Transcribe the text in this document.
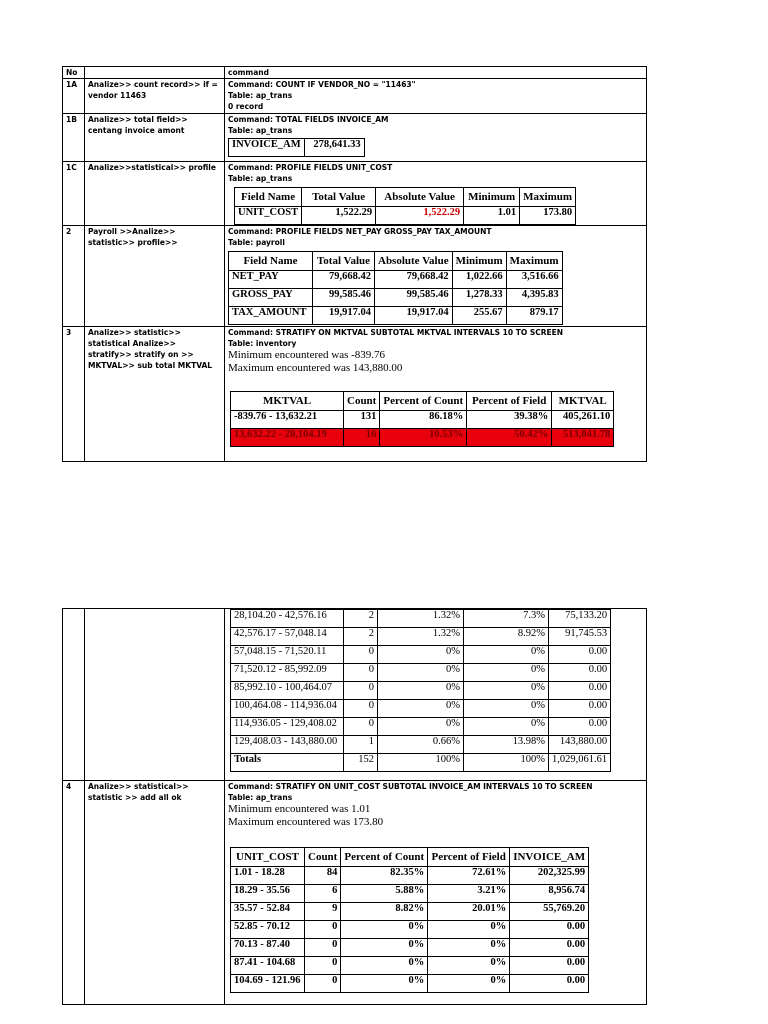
No		command
1A	Analize>> count record>> if = vendor 11463	
Command: COUNT IF VENDOR_NO = "11463"
Table: ap_trans
0 record

1B	Analize>> total field>> centang invoice amont	
Command: TOTAL FIELDS INVOICE_AM
Table: ap_trans
INVOICE_AM	278,641.33

1C	Analize>>statistical>> profile	Command: PROFILE FIELDS UNIT_COST
Table: ap_trans
Field Name	Total Value	Absolute Value	Minimum	Maximum
UNIT_COST	1,522.29	1,522.29	1.01	173.80

2	Payroll >>Analize>> statistic>> profile>>	
Command: PROFILE FIELDS NET_PAY GROSS_PAY TAX_AMOUNT
Table: payroll
Field Name	Total Value	Absolute Value	Minimum	Maximum
NET_PAY	79,668.42	79,668.42	1,022.66	3,516.66
GROSS_PAY	99,585.46	99,585.46	1,278.33	4,395.83
TAX_AMOUNT	19,917.04	19,917.04	255.67	879.17

3	Analize>> statistic>> statistical Analize>> stratify>> stratify on >> MKTVAL>> sub total MKTVAL	
Command: STRATIFY ON MKTVAL SUBTOTAL MKTVAL INTERVALS 10 TO SCREEN
Table: inventory
Minimum encountered was -839.76
Maximum encountered was 143,880.00
MKTVAL	Count	Percent of Count	Percent of Field	MKTVAL
-839.76 - 13,632.21	131	86.18%	39.38%	405,261.10
13,632.22 - 28,104.19	16	10.53%	50.42%	513,041.78

28,104.20 - 42,576.16	2	1.32%	7.3%	75,133.20
42,576.17 - 57,048.14	2	1.32%	8.92%	91,745.53
57,048.15 - 71,520.11	0	0%	0%	0.00
71,520.12 - 85,992.09	0	0%	0%	0.00
85,992.10 - 100,464.07	0	0%	0%	0.00
100,464.08 - 114,936.04	0	0%	0%	0.00
114,936.05 - 129,408.02	0	0%	0%	0.00
129,408.03 - 143,880.00	1	0.66%	13.98%	143,880.00
Totals	152	100%	100%	1,029,061.61

4	Analize>> statistical>> statistic >> add all ok	
Command: STRATIFY ON UNIT_COST SUBTOTAL INVOICE_AM INTERVALS 10 TO SCREEN
Table: ap_trans
Minimum encountered was 1.01
Maximum encountered was 173.80
UNIT_COST	Count	Percent of Count	Percent of Field	INVOICE_AM
1.01 - 18.28	84	82.35%	72.61%	202,325.99
18.29 - 35.56	6	5.88%	3.21%	8,956.74
35.57 - 52.84	9	8.82%	20.01%	55,769.20
52.85 - 70.12	0	0%	0%	0.00
70.13 - 87.40	0	0%	0%	0.00
87.41 - 104.68	0	0%	0%	0.00
104.69 - 121.96	0	0%	0%	0.00
